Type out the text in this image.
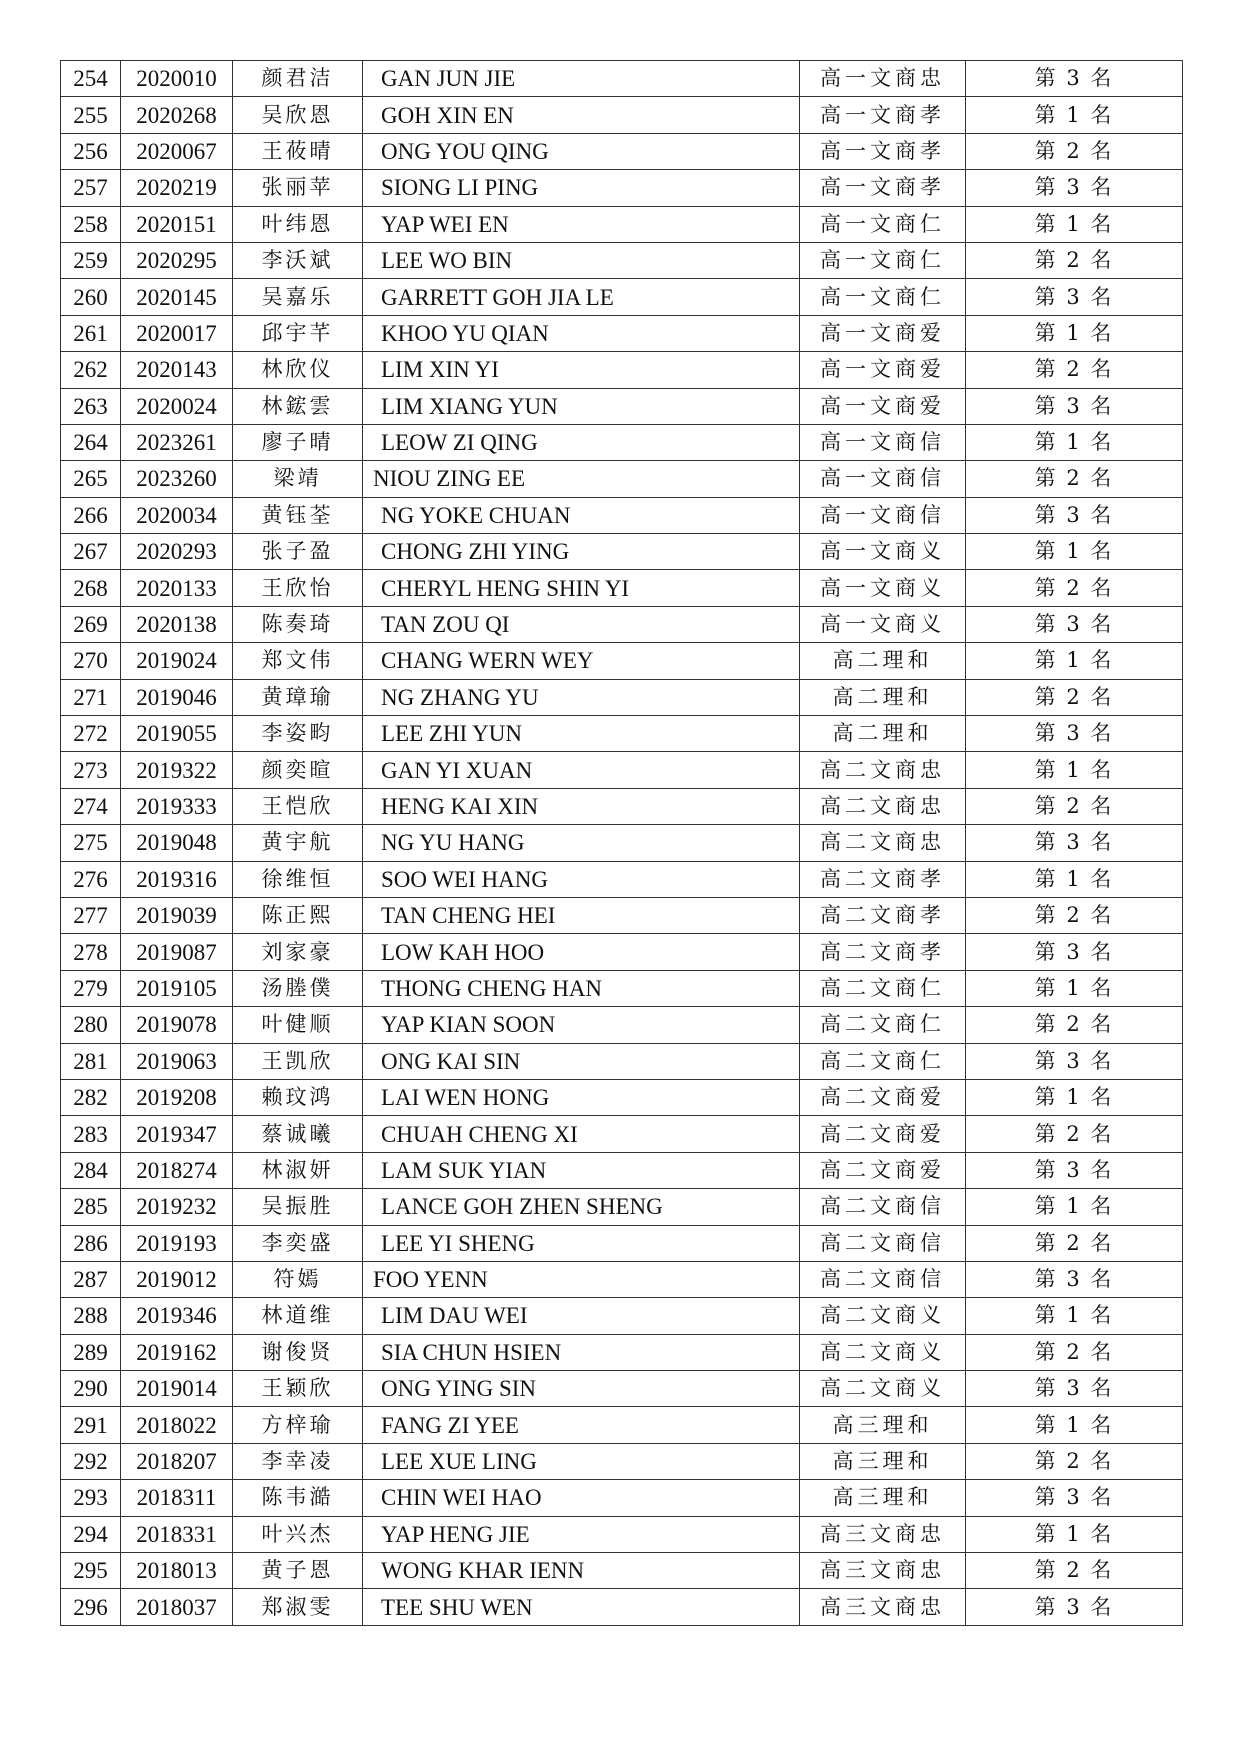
254	2020010	颜君洁	GAN JUN JIE	高一文商忠	第 3 名
255	2020268	吴欣恩	GOH XIN EN	高一文商孝	第 1 名
256	2020067	王莜晴	ONG YOU QING	高一文商孝	第 2 名
257	2020219	张丽苹	SIONG LI PING	高一文商孝	第 3 名
258	2020151	叶纬恩	YAP WEI EN	高一文商仁	第 1 名
259	2020295	李沃斌	LEE WO BIN	高一文商仁	第 2 名
260	2020145	吴嘉乐	GARRETT GOH JIA LE	高一文商仁	第 3 名
261	2020017	邱宇芊	KHOO YU QIAN	高一文商爱	第 1 名
262	2020143	林欣仪	LIM XIN YI	高一文商爱	第 2 名
263	2020024	林鋐雲	LIM XIANG YUN	高一文商爱	第 3 名
264	2023261	廖子晴	LEOW ZI QING	高一文商信	第 1 名
265	2023260	梁靖	NIOU ZING EE	高一文商信	第 2 名
266	2020034	黄钰荃	NG YOKE CHUAN	高一文商信	第 3 名
267	2020293	张子盈	CHONG ZHI YING	高一文商义	第 1 名
268	2020133	王欣怡	CHERYL HENG SHIN YI	高一文商义	第 2 名
269	2020138	陈奏琦	TAN ZOU QI	高一文商义	第 3 名
270	2019024	郑文伟	CHANG WERN WEY	高二理和	第 1 名
271	2019046	黄璋瑜	NG ZHANG YU	高二理和	第 2 名
272	2019055	李姿畇	LEE ZHI YUN	高二理和	第 3 名
273	2019322	颜奕暄	GAN YI XUAN	高二文商忠	第 1 名
274	2019333	王恺欣	HENG KAI XIN	高二文商忠	第 2 名
275	2019048	黄宇航	NG YU HANG	高二文商忠	第 3 名
276	2019316	徐维恒	SOO WEI HANG	高二文商孝	第 1 名
277	2019039	陈正熙	TAN CHENG HEI	高二文商孝	第 2 名
278	2019087	刘家豪	LOW KAH HOO	高二文商孝	第 3 名
279	2019105	汤塍僕	THONG CHENG HAN	高二文商仁	第 1 名
280	2019078	叶健顺	YAP KIAN SOON	高二文商仁	第 2 名
281	2019063	王凯欣	ONG KAI SIN	高二文商仁	第 3 名
282	2019208	赖玟鸿	LAI WEN HONG	高二文商爱	第 1 名
283	2019347	蔡诚曦	CHUAH CHENG XI	高二文商爱	第 2 名
284	2018274	林淑妍	LAM SUK YIAN	高二文商爱	第 3 名
285	2019232	吴振胜	LANCE GOH ZHEN SHENG	高二文商信	第 1 名
286	2019193	李奕盛	LEE YI SHENG	高二文商信	第 2 名
287	2019012	符嫣	FOO YENN	高二文商信	第 3 名
288	2019346	林道维	LIM DAU WEI	高二文商义	第 1 名
289	2019162	谢俊贤	SIA CHUN HSIEN	高二文商义	第 2 名
290	2019014	王颖欣	ONG YING SIN	高二文商义	第 3 名
291	2018022	方梓瑜	FANG ZI YEE	高三理和	第 1 名
292	2018207	李幸凌	LEE XUE LING	高三理和	第 2 名
293	2018311	陈韦澔	CHIN WEI HAO	高三理和	第 3 名
294	2018331	叶兴杰	YAP HENG JIE	高三文商忠	第 1 名
295	2018013	黄子恩	WONG KHAR IENN	高三文商忠	第 2 名
296	2018037	郑淑雯	TEE SHU WEN	高三文商忠	第 3 名
